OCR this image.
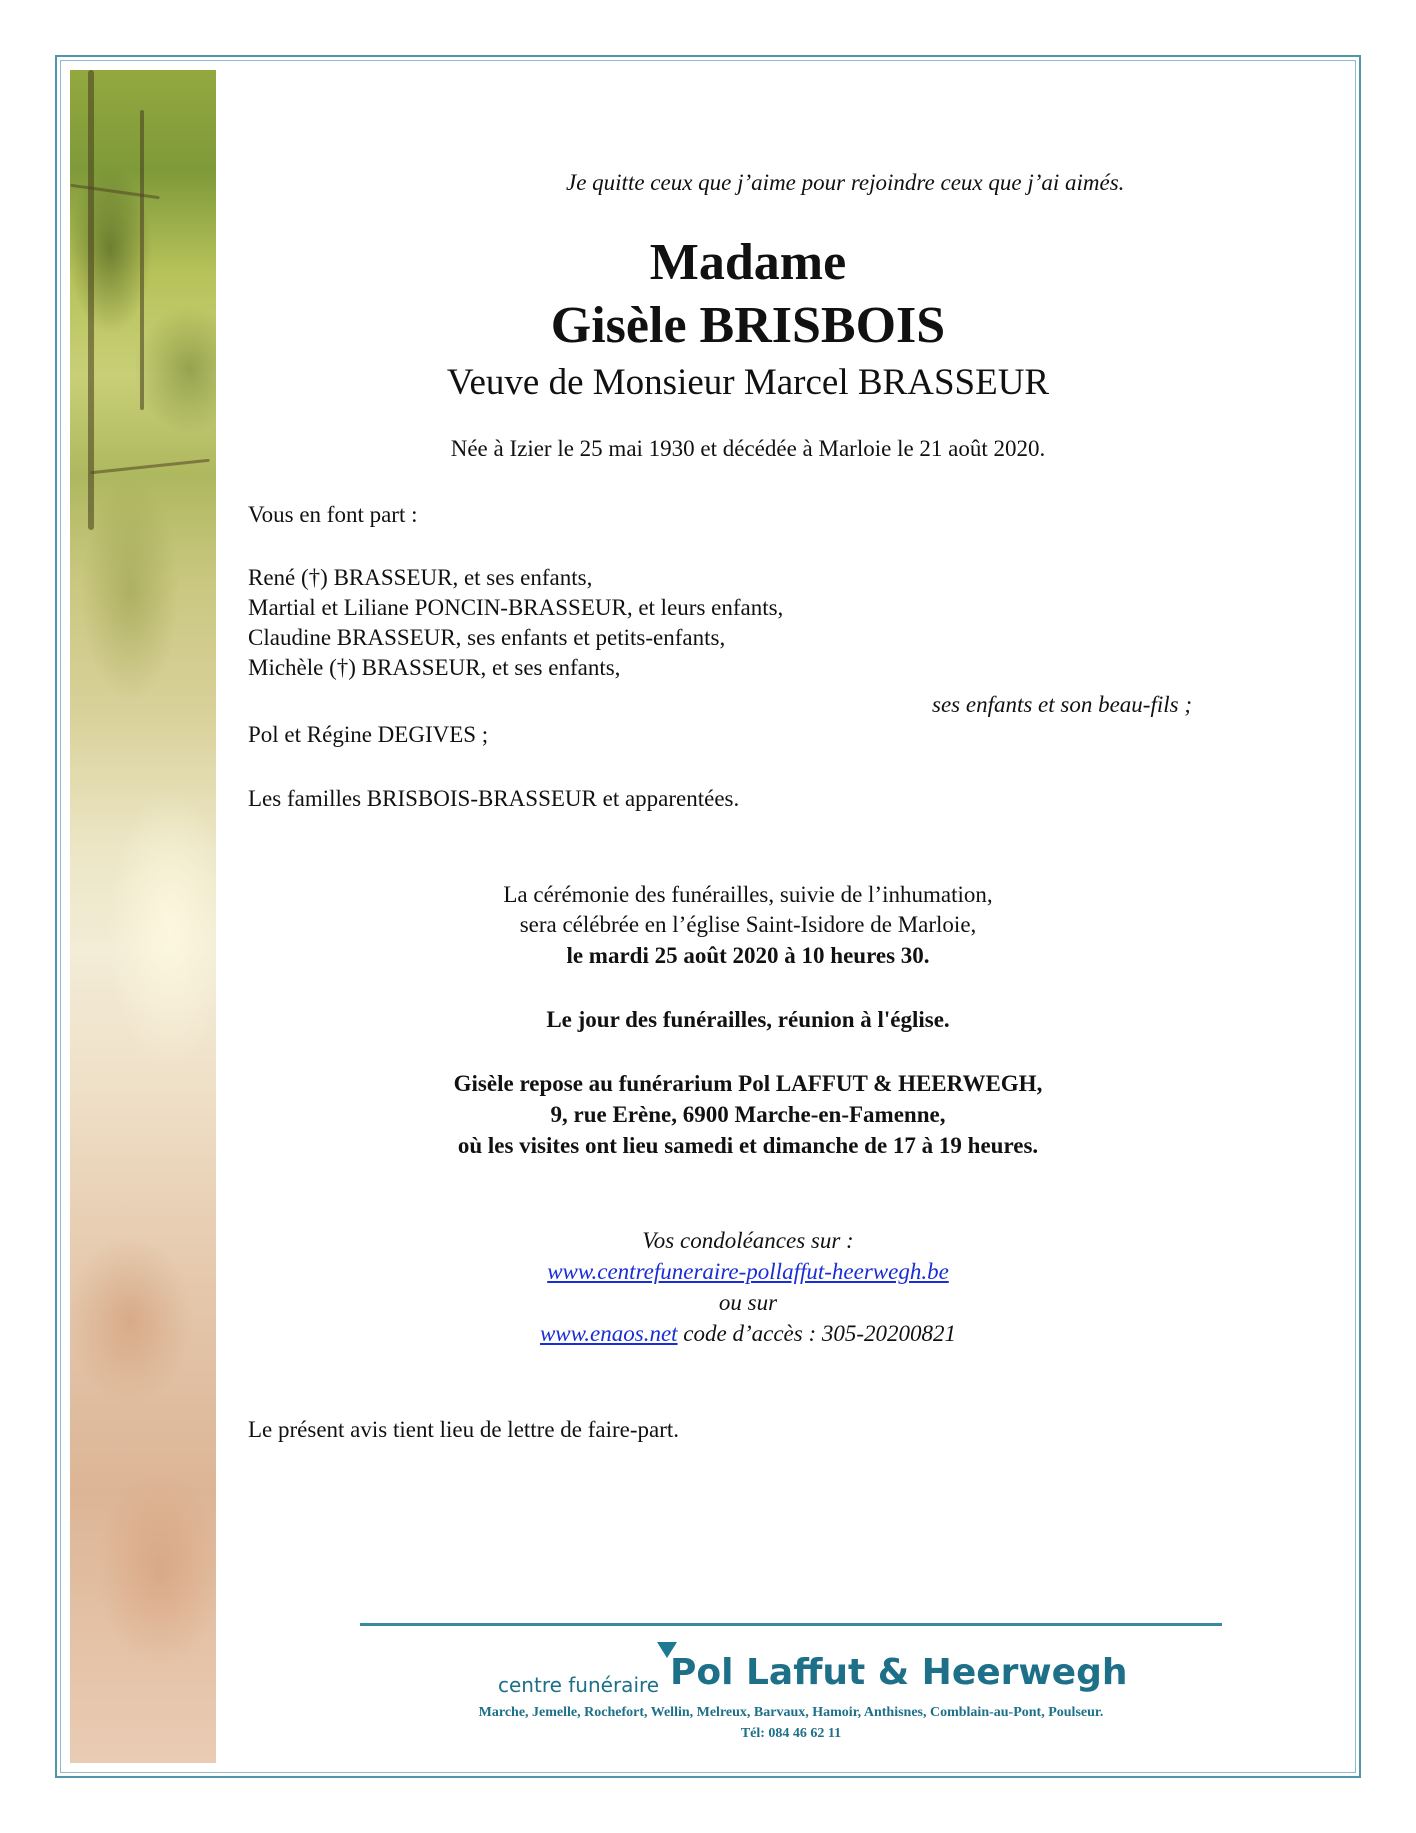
Je quitte ceux que j’aime pour rejoindre ceux que j’ai aimés.
Madame
Gisèle BRISBOIS
Veuve de Monsieur Marcel BRASSEUR
Née à Izier le 25 mai 1930 et décédée à Marloie le 21 août 2020.
Vous en font part :
René (†) BRASSEUR, et ses enfants,
Martial et Liliane PONCIN-BRASSEUR, et leurs enfants,
Claudine BRASSEUR, ses enfants et petits-enfants,
Michèle (†) BRASSEUR, et ses enfants,
ses enfants et son beau-fils ;
Pol et Régine DEGIVES ;
Les familles BRISBOIS-BRASSEUR et apparentées.
La cérémonie des funérailles, suivie de l’inhumation,
sera célébrée en l’église Saint-Isidore de Marloie,
le mardi 25 août 2020 à 10 heures 30.
Le jour des funérailles, réunion à l'église.
Gisèle repose au funérarium Pol LAFFUT & HEERWEGH,
9, rue Erène, 6900 Marche-en-Famenne,
où les visites ont lieu samedi et dimanche de 17 à 19 heures.
Vos condoléances sur :
www.centrefuneraire-pollaffut-heerwegh.be
ou sur
www.enaos.net code d’accès : 305-20200821
Le présent avis tient lieu de lettre de faire-part.
centre funéraire Pol Laffut & Heerwegh
Marche, Jemelle, Rochefort, Wellin, Melreux, Barvaux, Hamoir, Anthisnes, Comblain-au-Pont, Poulseur.
Tél: 084 46 62 11
